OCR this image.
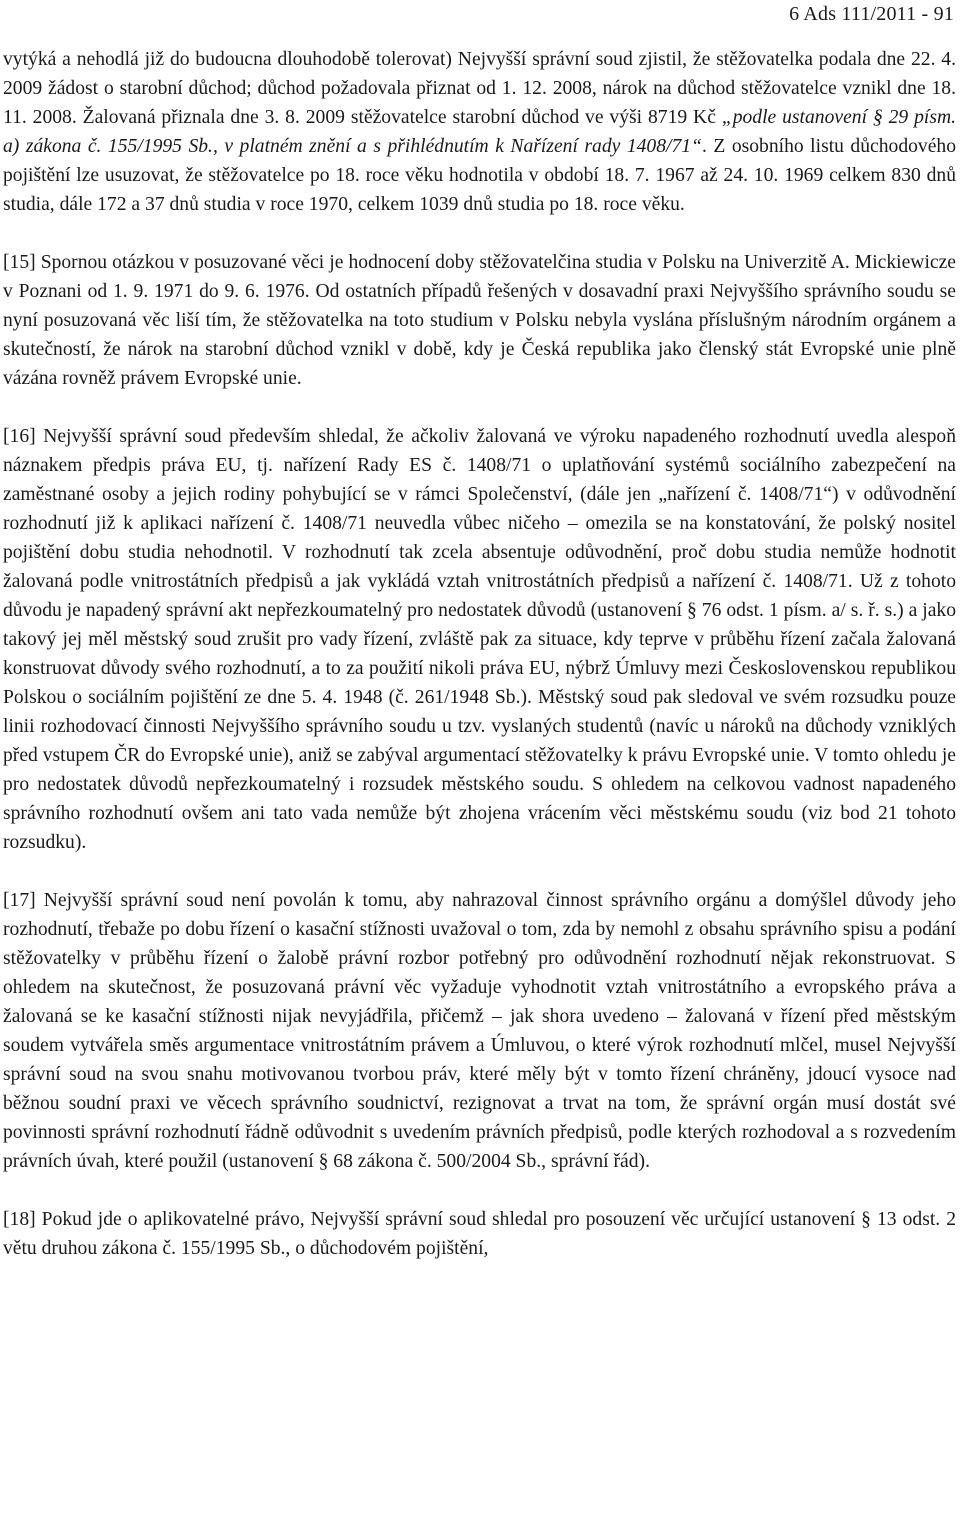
6 Ads 111/2011 - 91

vytýká a nehodlá již do budoucna dlouhodobě tolerovat) Nejvyšší správní soud zjistil, že stěžovatelka podala dne 22. 4. 2009 žádost o starobní důchod; důchod požadovala přiznat od 1. 12. 2008, nárok na důchod stěžovatelce vznikl dne 18. 11. 2008. Žalovaná přiznala dne 3. 8. 2009 stěžovatelce starobní důchod ve výši 8719 Kč „podle ustanovení § 29 písm. a) zákona č. 155/1995 Sb., v platném znění a s přihlédnutím k Nařízení rady 1408/71“. Z osobního listu důchodového pojištění lze usuzovat, že stěžovatelce po 18. roce věku hodnotila v období 18. 7. 1967 až 24. 10. 1969 celkem 830 dnů studia, dále 172 a 37 dnů studia v roce 1970, celkem 1039 dnů studia po 18. roce věku.

[15] Spornou otázkou v posuzované věci je hodnocení doby stěžovatelčina studia v Polsku na Univerzitě A. Mickiewicze v Poznani od 1. 9. 1971 do 9. 6. 1976. Od ostatních případů řešených v dosavadní praxi Nejvyššího správního soudu se nyní posuzovaná věc liší tím, že stěžovatelka na toto studium v Polsku nebyla vyslána příslušným národním orgánem a skutečností, že nárok na starobní důchod vznikl v době, kdy je Česká republika jako členský stát Evropské unie plně vázána rovněž právem Evropské unie.

[16] Nejvyšší správní soud především shledal, že ačkoliv žalovaná ve výroku napadeného rozhodnutí uvedla alespoň náznakem předpis práva EU, tj. nařízení Rady ES č. 1408/71 o uplatňování systémů sociálního zabezpečení na zaměstnané osoby a jejich rodiny pohybující se v rámci Společenství, (dále jen „nařízení č. 1408/71“) v odůvodnění rozhodnutí již k aplikaci nařízení č. 1408/71 neuvedla vůbec ničeho – omezila se na konstatování, že polský nositel pojištění dobu studia nehodnotil. V rozhodnutí tak zcela absentuje odůvodnění, proč dobu studia nemůže hodnotit žalovaná podle vnitrostátních předpisů a jak vykládá vztah vnitrostátních předpisů a nařízení č. 1408/71. Už z tohoto důvodu je napadený správní akt nepřezkoumatelný pro nedostatek důvodů (ustanovení § 76 odst. 1 písm. a/ s. ř. s.) a jako takový jej měl městský soud zrušit pro vady řízení, zvláště pak za situace, kdy teprve v průběhu řízení začala žalovaná konstruovat důvody svého rozhodnutí, a to za použití nikoli práva EU, nýbrž Úmluvy mezi Československou republikou Polskou o sociálním pojištění ze dne 5. 4. 1948 (č. 261/1948 Sb.). Městský soud pak sledoval ve svém rozsudku pouze linii rozhodovací činnosti Nejvyššího správního soudu u tzv. vyslaných studentů (navíc u nároků na důchody vzniklých před vstupem ČR do Evropské unie), aniž se zabýval argumentací stěžovatelky k právu Evropské unie. V tomto ohledu je pro nedostatek důvodů nepřezkoumatelný i rozsudek městského soudu. S ohledem na celkovou vadnost napadeného správního rozhodnutí ovšem ani tato vada nemůže být zhojena vrácením věci městskému soudu (viz bod 21 tohoto rozsudku).

[17] Nejvyšší správní soud není povolán k tomu, aby nahrazoval činnost správního orgánu a domýšlel důvody jeho rozhodnutí, třebaže po dobu řízení o kasační stížnosti uvažoval o tom, zda by nemohl z obsahu správního spisu a podání stěžovatelky v průběhu řízení o žalobě právní rozbor potřebný pro odůvodnění rozhodnutí nějak rekonstruovat. S ohledem na skutečnost, že posuzovaná právní věc vyžaduje vyhodnotit vztah vnitrostátního a evropského práva a žalovaná se ke kasační stížnosti nijak nevyjádřila, přičemž – jak shora uvedeno – žalovaná v řízení před městským soudem vytvářela směs argumentace vnitrostátním právem a Úmluvou, o které výrok rozhodnutí mlčel, musel Nejvyšší správní soud na svou snahu motivovanou tvorbou práv, které měly být v tomto řízení chráněny, jdoucí vysoce nad běžnou soudní praxi ve věcech správního soudnictví, rezignovat a trvat na tom, že správní orgán musí dostát své povinnosti správní rozhodnutí řádně odůvodnit s uvedením právních předpisů, podle kterých rozhodoval a s rozvedením právních úvah, které použil (ustanovení § 68 zákona č. 500/2004 Sb., správní řád).

[18] Pokud jde o aplikovatelné právo, Nejvyšší správní soud shledal pro posouzení věc určující ustanovení § 13 odst. 2 větu druhou zákona č. 155/1995 Sb., o důchodovém pojištění,
